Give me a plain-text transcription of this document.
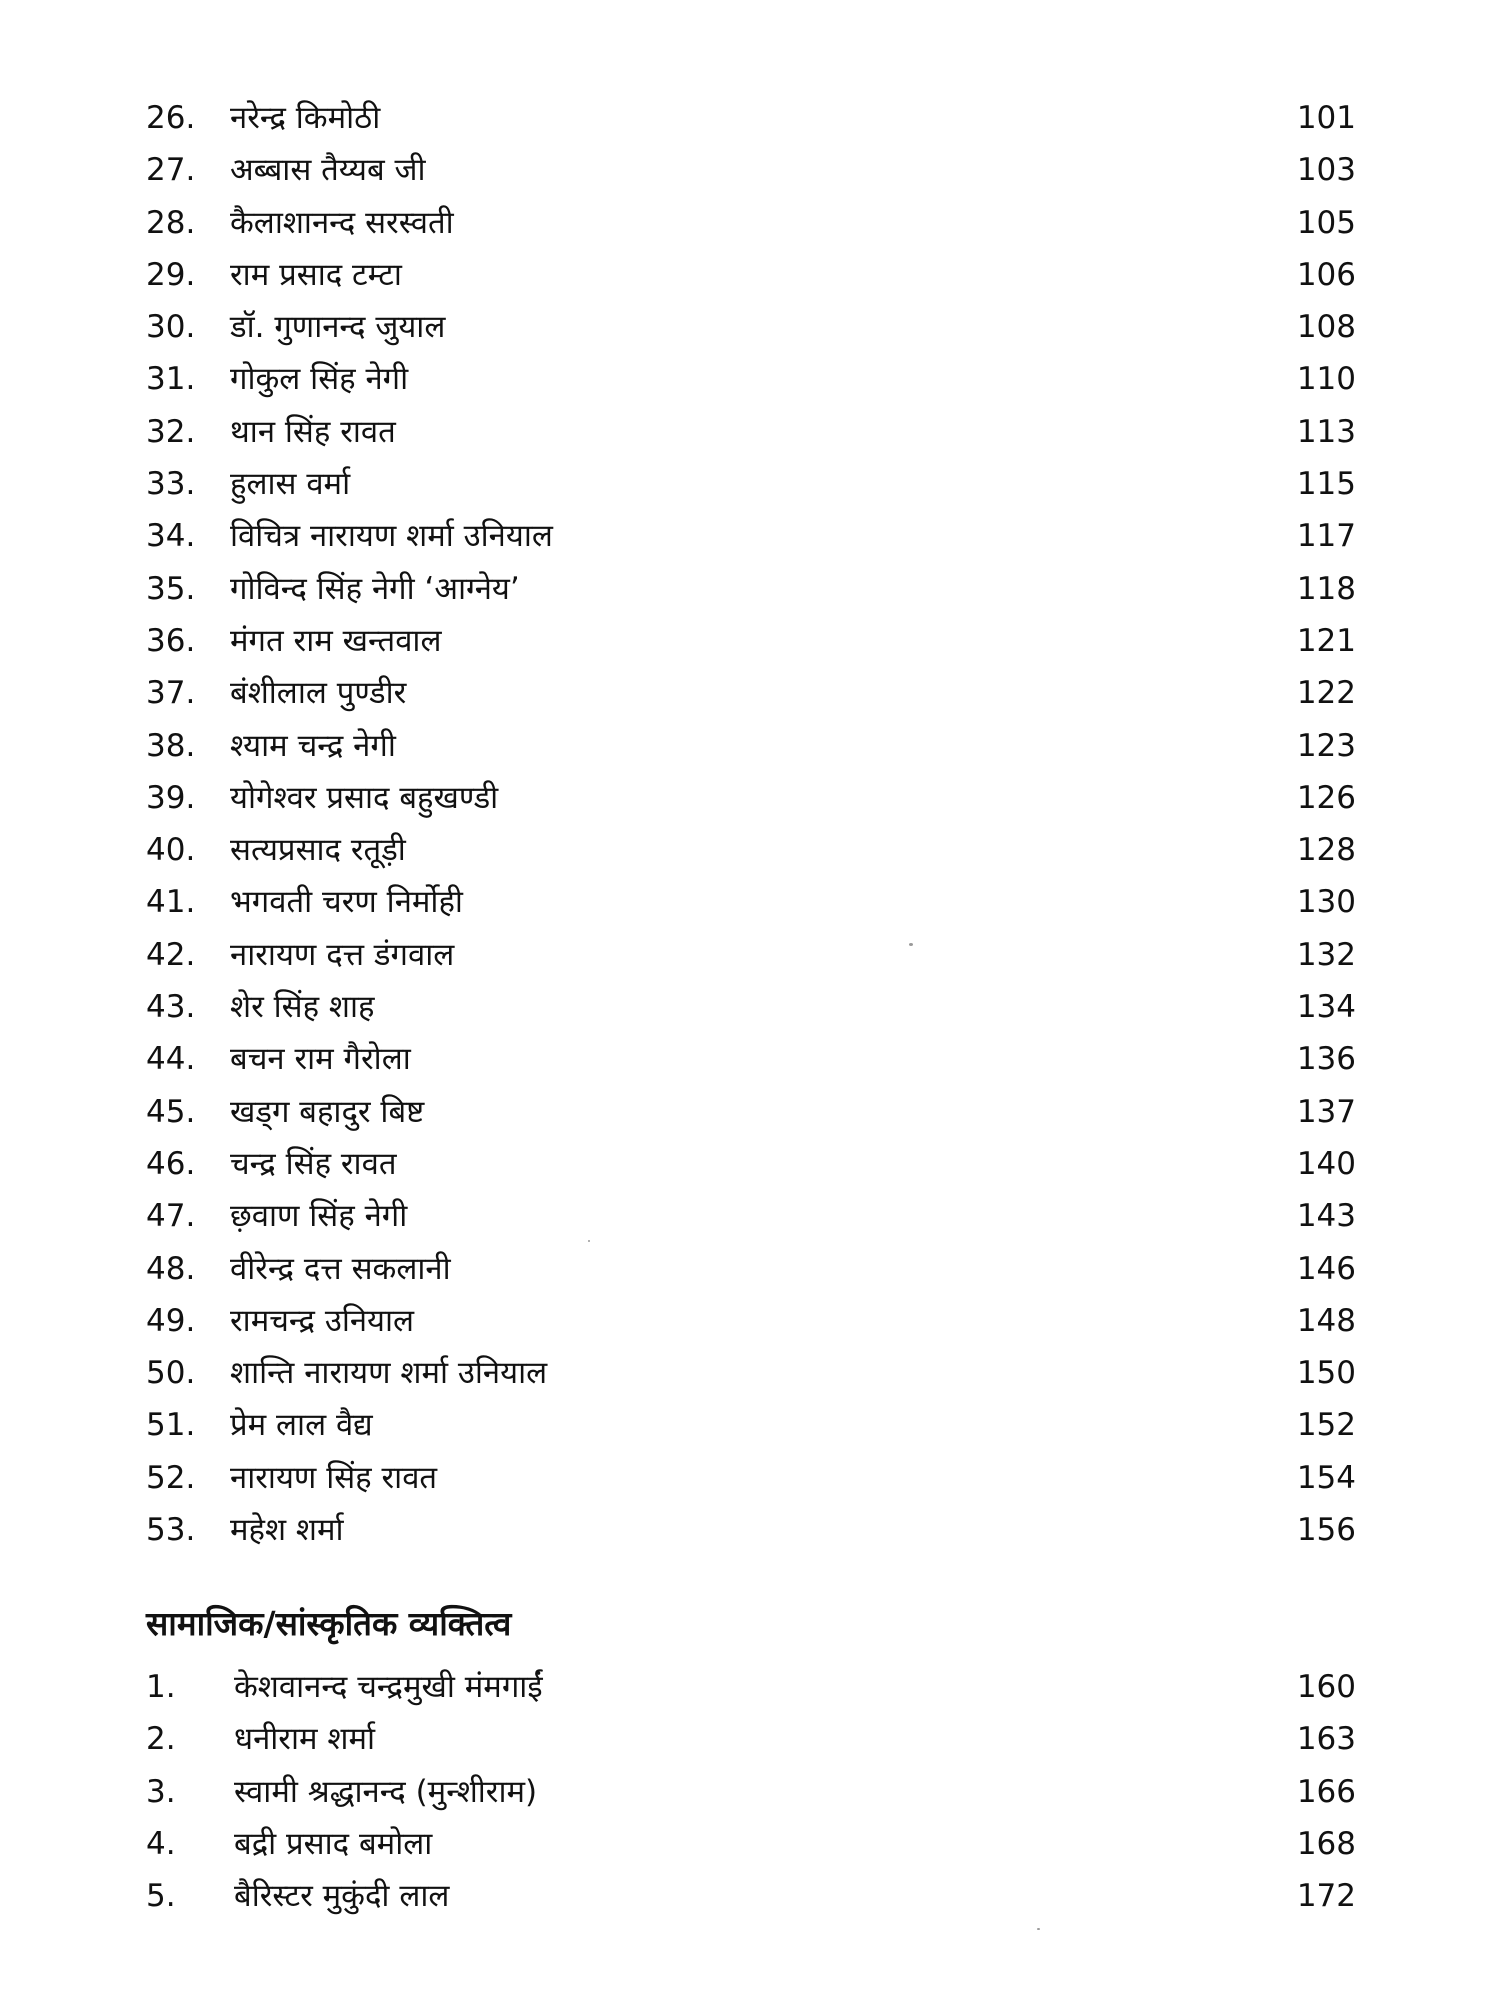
26. नरेन्द्र किमोठी	101
27. अब्बास तैय्यब जी	103
28. कैलाशानन्द सरस्वती	105
29. राम प्रसाद टम्टा	106
30. डॉ. गुणानन्द जुयाल	108
31. गोकुल सिंह नेगी	110
32. थान सिंह रावत	113
33. हुलास वर्मा	115
34. विचित्र नारायण शर्मा उनियाल	117
35. गोविन्द सिंह नेगी ‘आग्नेय’	118
36. मंगत राम खन्तवाल	121
37. बंशीलाल पुण्डीर	122
38. श्याम चन्द्र नेगी	123
39. योगेश्वर प्रसाद बहुखण्डी	126
40. सत्यप्रसाद रतूड़ी	128
41. भगवती चरण निर्मोही	130
42. नारायण दत्त डंगवाल	132
43. शेर सिंह शाह	134
44. बचन राम गैरोला	136
45. खड्ग बहादुर बिष्ट	137
46. चन्द्र सिंह रावत	140
47. छ़वाण सिंह नेगी	143
48. वीरेन्द्र दत्त सकलानी	146
49. रामचन्द्र उनियाल	148
50. शान्ति नारायण शर्मा उनियाल	150
51. प्रेम लाल वैद्य	152
52. नारायण सिंह रावत	154
53. महेश शर्मा	156
सामाजिक/सांस्कृतिक व्यक्तित्व
1. केशवानन्द चन्द्रमुखी मंमगाईं	160
2. धनीराम शर्मा	163
3. स्वामी श्रद्धानन्द (मुन्शीराम)	166
4. बद्री प्रसाद बमोला	168
5. बैरिस्टर मुकुंदी लाल	172
